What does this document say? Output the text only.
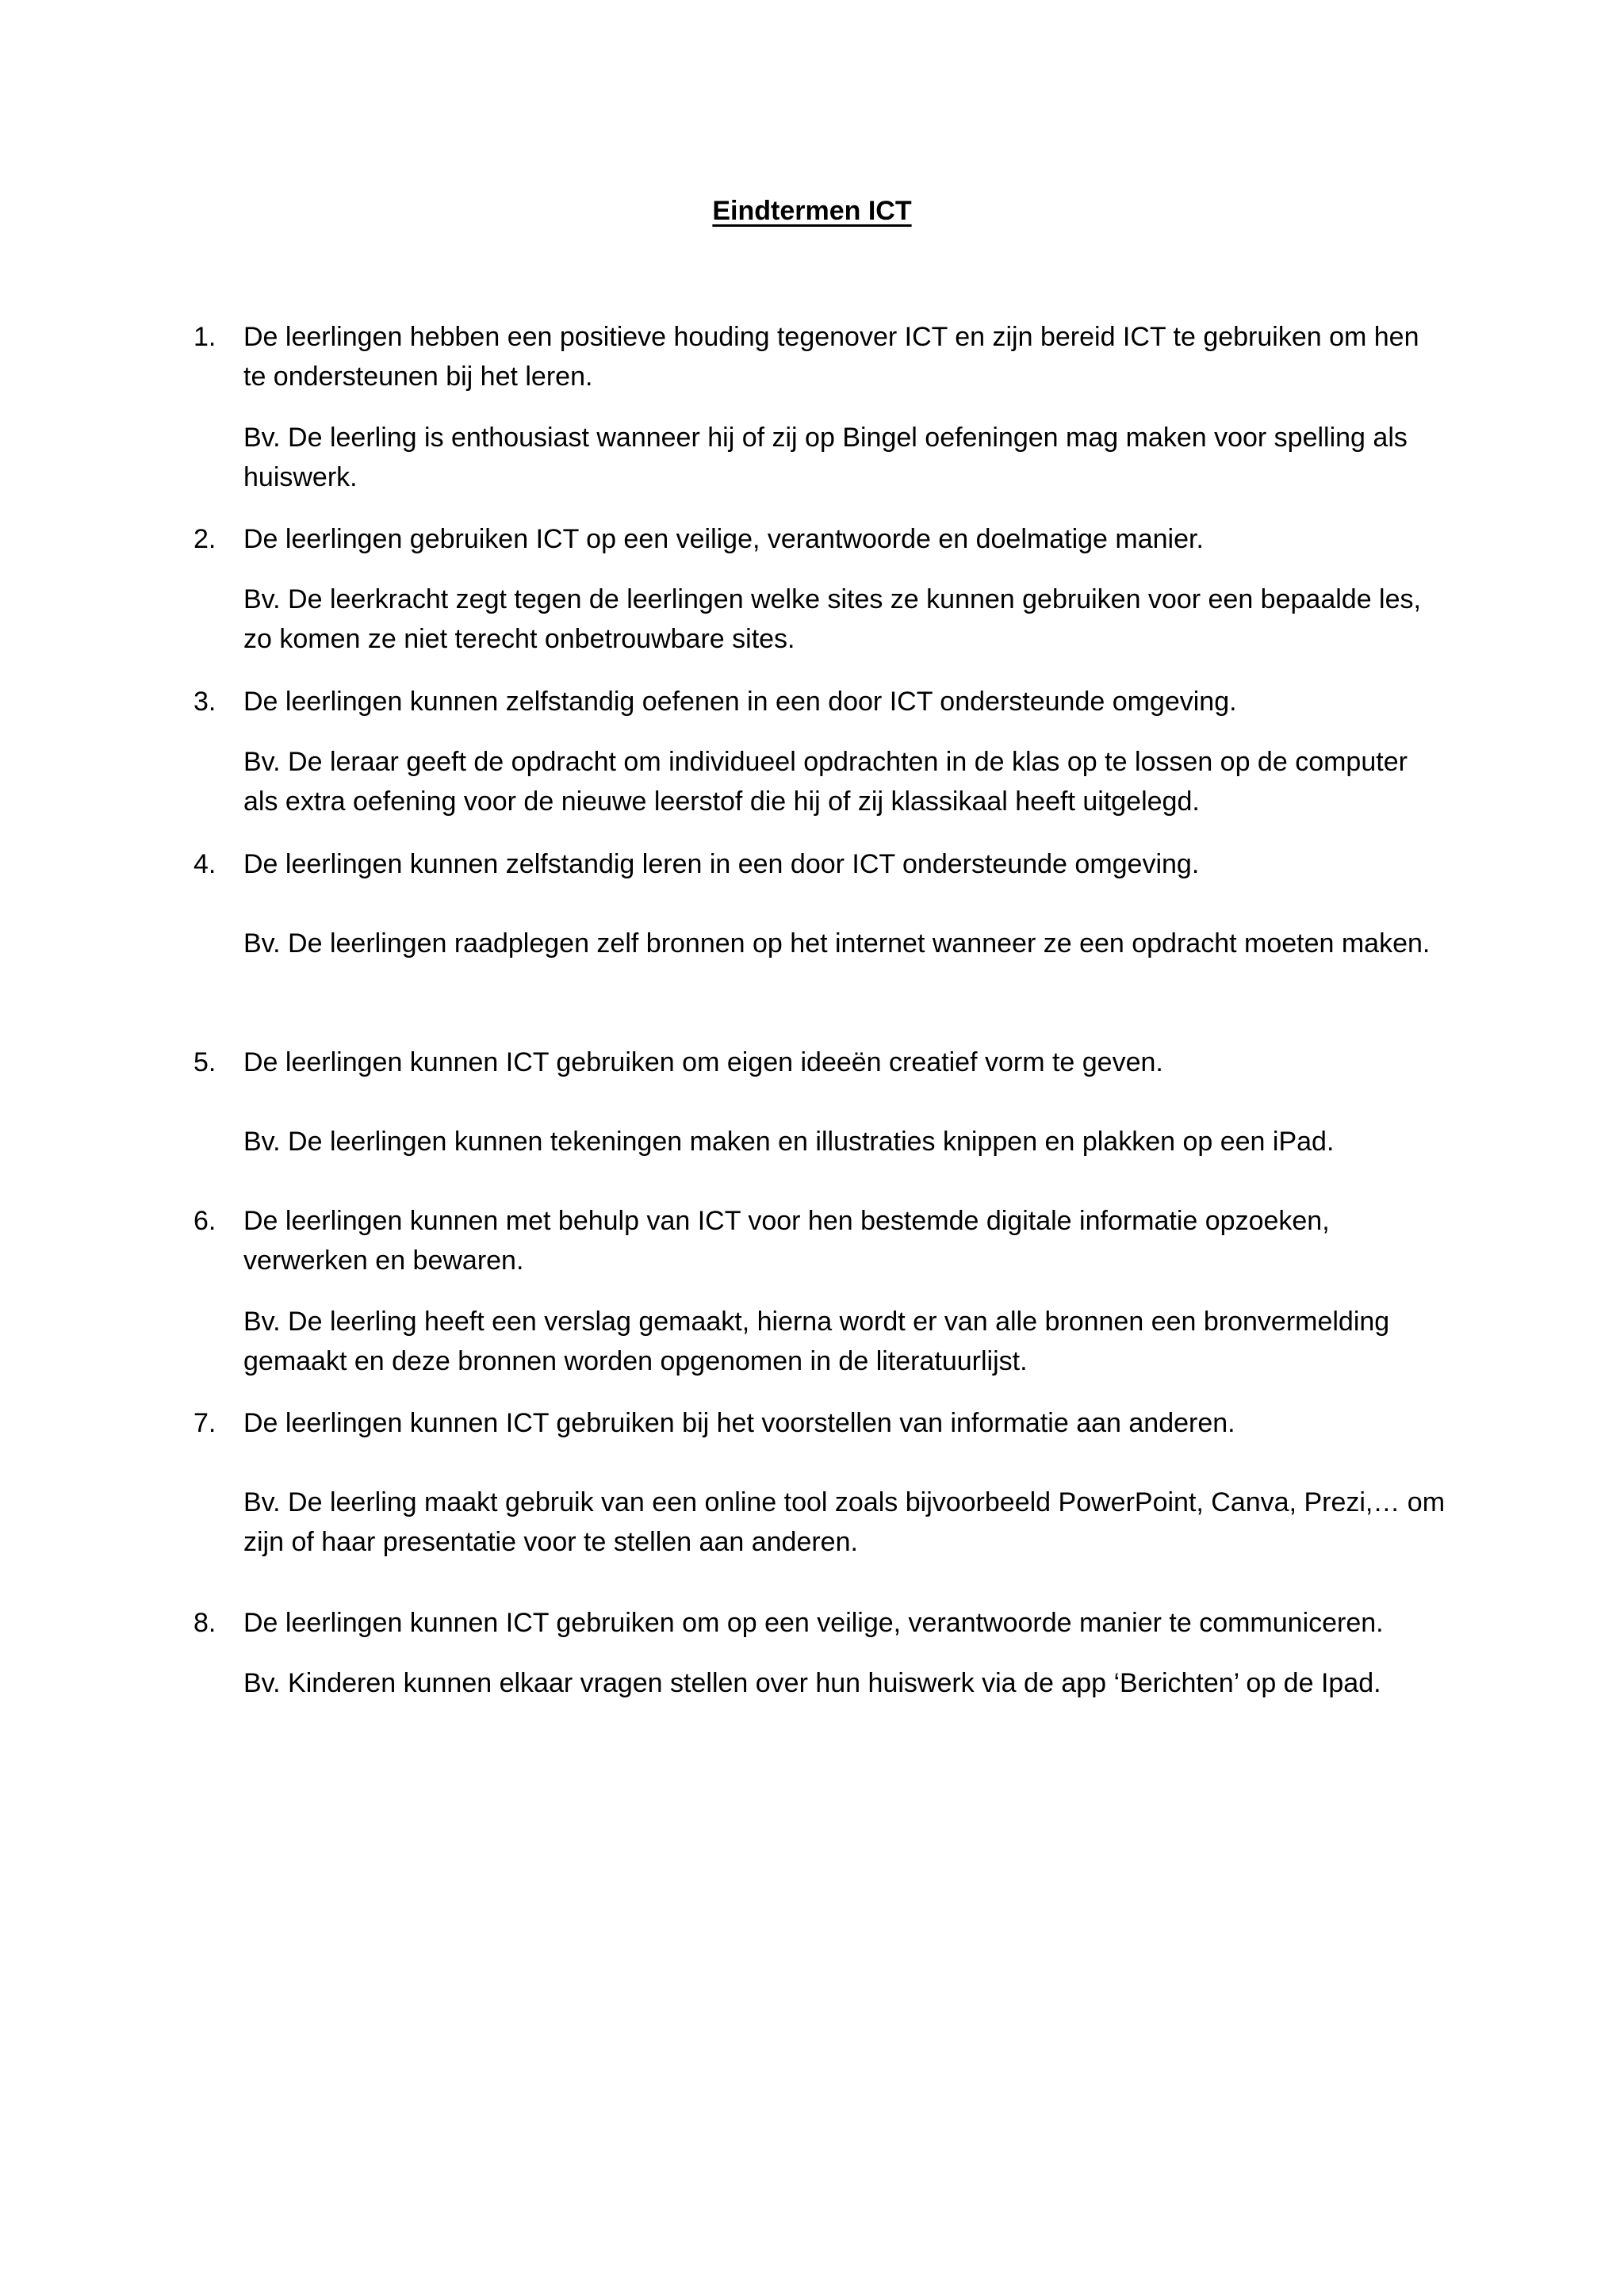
Eindtermen ICT
1.	De leerlingen hebben een positieve houding tegenover ICT en zijn bereid ICT te gebruiken om hen te ondersteunen bij het leren.

Bv. De leerling is enthousiast wanneer hij of zij op Bingel oefeningen mag maken voor spelling als huiswerk.

2.	De leerlingen gebruiken ICT op een veilige, verantwoorde en doelmatige manier.

Bv. De leerkracht zegt tegen de leerlingen welke sites ze kunnen gebruiken voor een bepaalde les, zo komen ze niet terecht onbetrouwbare sites.

3.	De leerlingen kunnen zelfstandig oefenen in een door ICT ondersteunde omgeving.

Bv. De leraar geeft de opdracht om individueel opdrachten in de klas op te lossen op de computer als extra oefening voor de nieuwe leerstof die hij of zij klassikaal heeft uitgelegd.

4.	De leerlingen kunnen zelfstandig leren in een door ICT ondersteunde omgeving.

Bv. De leerlingen raadplegen zelf bronnen op het internet wanneer ze een opdracht moeten maken.

5.	De leerlingen kunnen ICT gebruiken om eigen ideeën creatief vorm te geven.

Bv. De leerlingen kunnen tekeningen maken en illustraties knippen en plakken op een iPad.

6.	De leerlingen kunnen met behulp van ICT voor hen bestemde digitale informatie opzoeken, verwerken en bewaren.

Bv. De leerling heeft een verslag gemaakt, hierna wordt er van alle bronnen een bronvermelding gemaakt en deze bronnen worden opgenomen in de literatuurlijst.

7.	De leerlingen kunnen ICT gebruiken bij het voorstellen van informatie aan anderen.

Bv. De leerling maakt gebruik van een online tool zoals bijvoorbeeld PowerPoint, Canva, Prezi,… om zijn of haar presentatie voor te stellen aan anderen.

8.	De leerlingen kunnen ICT gebruiken om op een veilige, verantwoorde manier te communiceren.

Bv. Kinderen kunnen elkaar vragen stellen over hun huiswerk via de app ‘Berichten’ op de Ipad.
